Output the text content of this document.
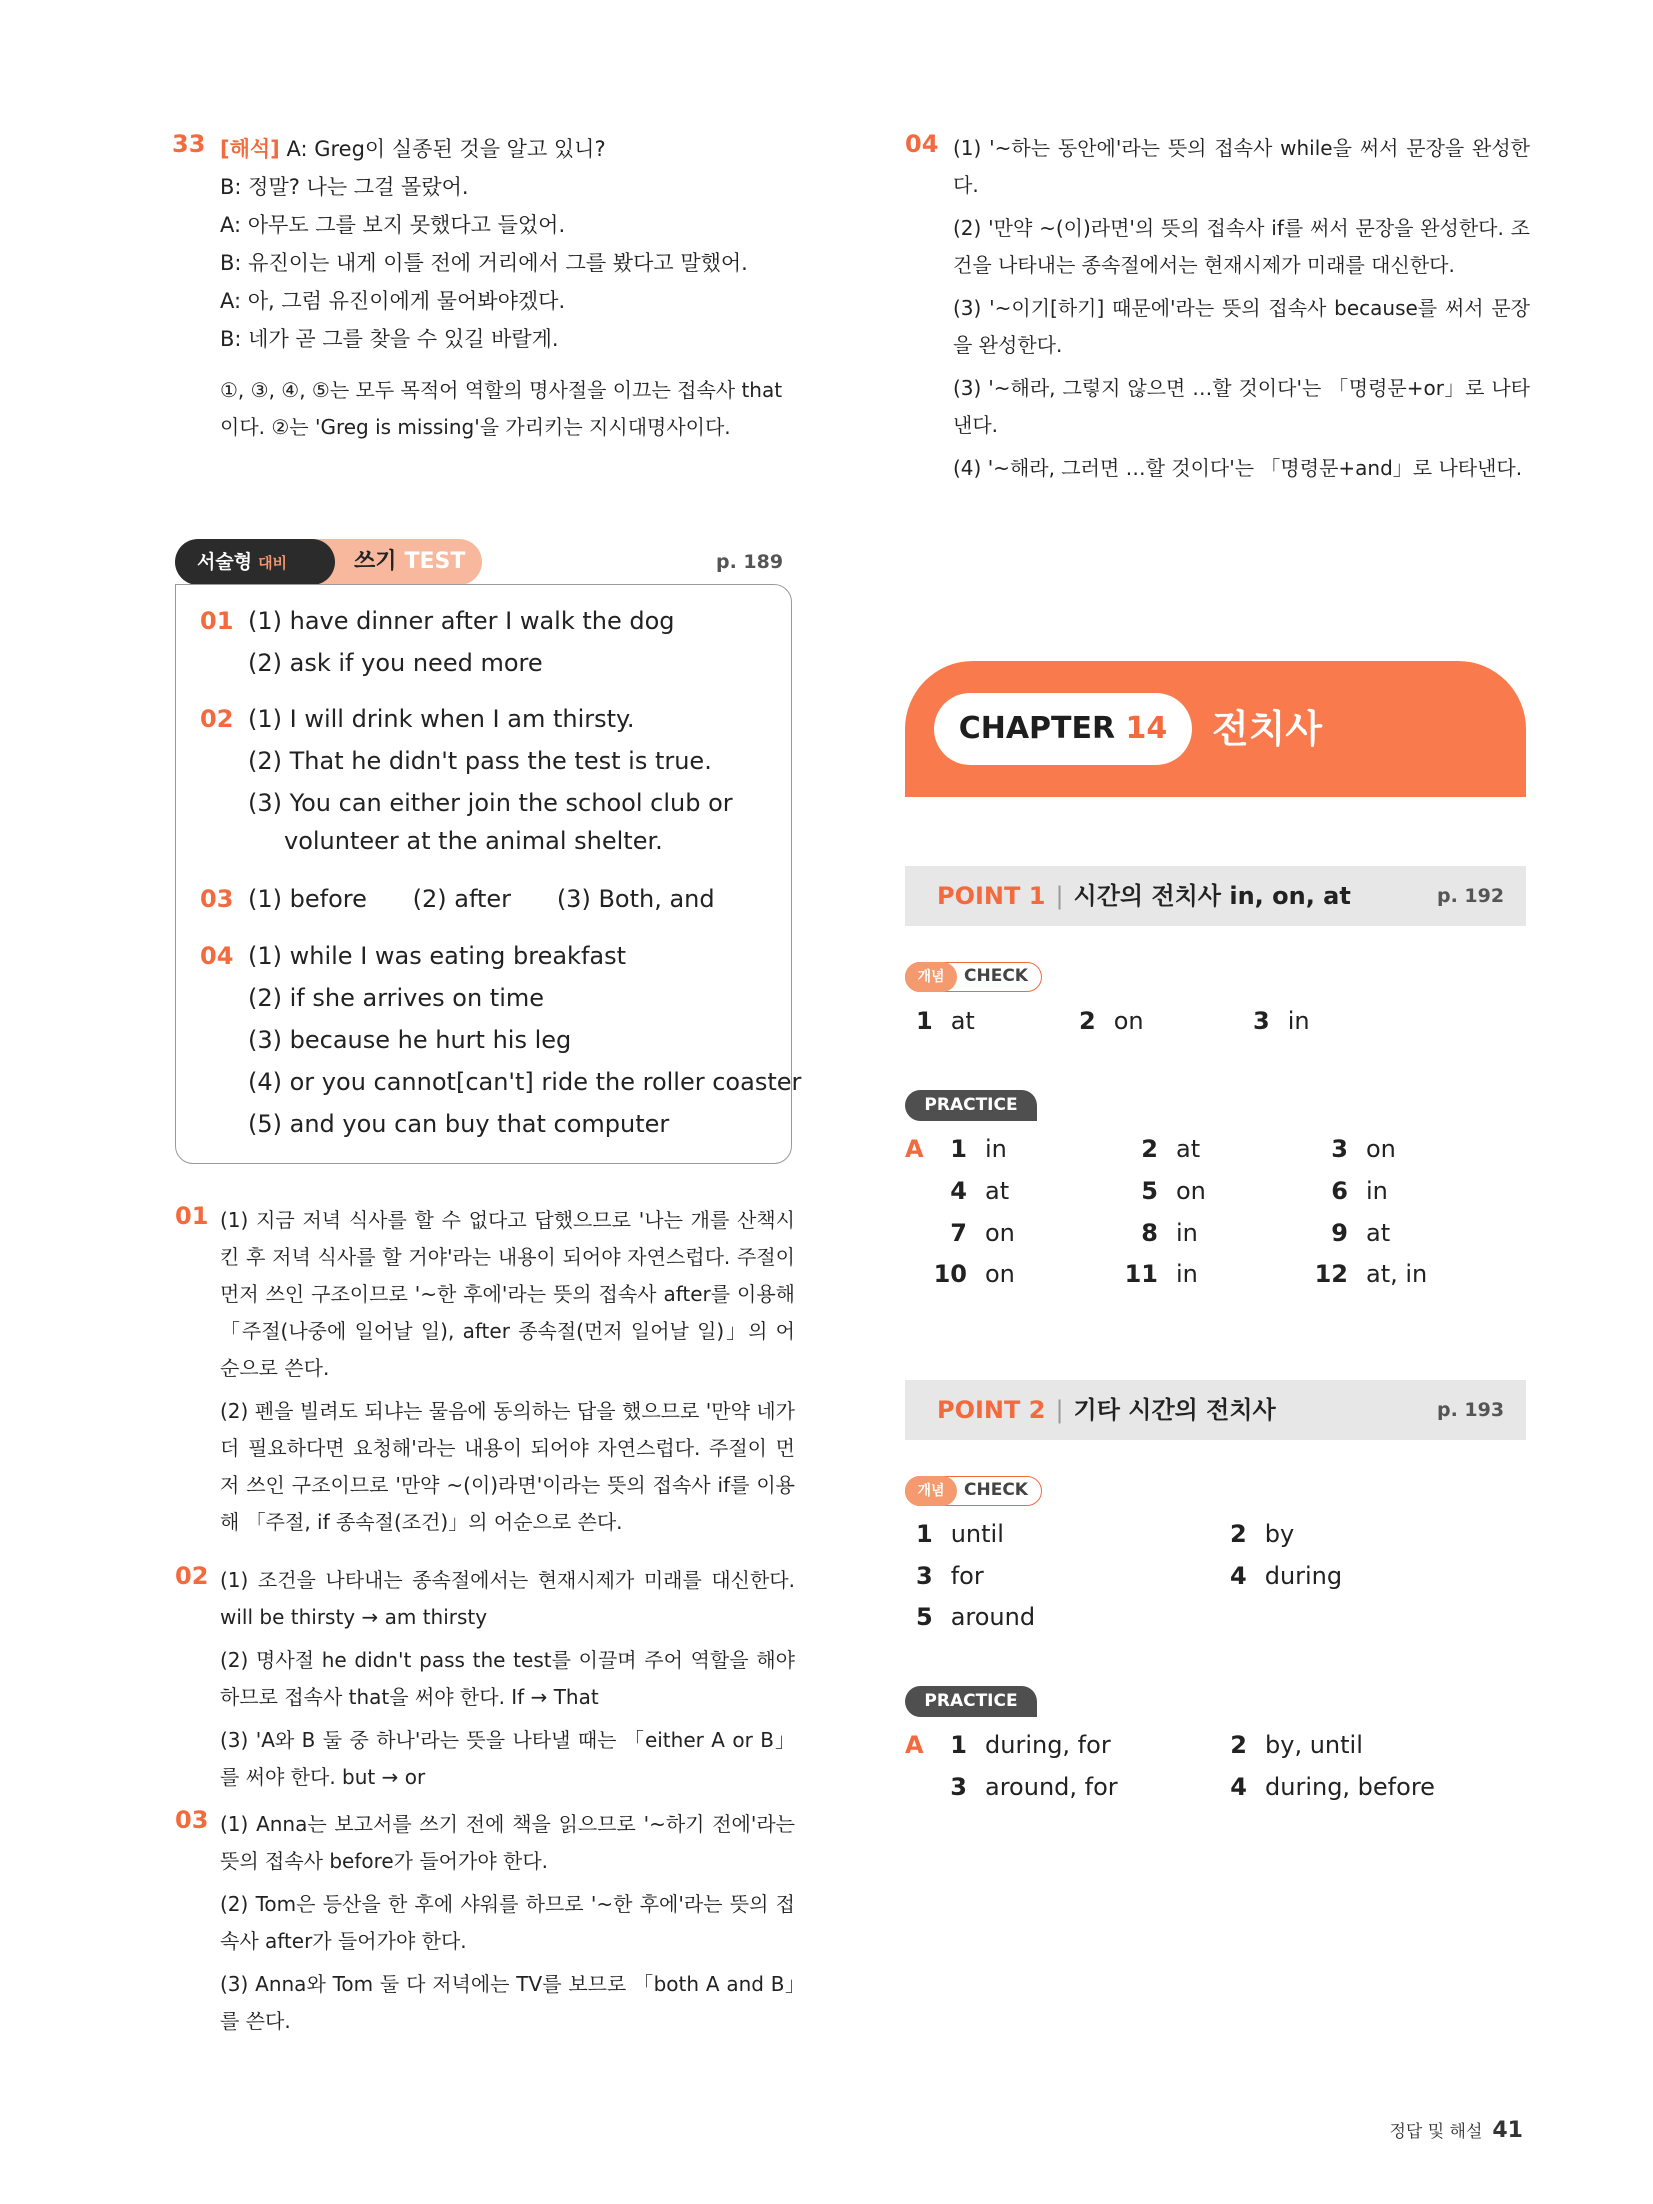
33 [해석] A: Greg이 실종된 것을 알고 있니?
B: 정말? 나는 그걸 몰랐어.
A: 아무도 그를 보지 못했다고 들었어.
B: 유진이는 내게 이틀 전에 거리에서 그를 봤다고 말했어.
A: 아, 그럼 유진이에게 물어봐야겠다.
B: 네가 곧 그를 찾을 수 있길 바랄게.
①, ③, ④, ⑤는 모두 목적어 역할의 명사절을 이끄는 접속사 that이다. ②는 'Greg is missing'을 가리키는 지시대명사이다.
04 (1) '~하는 동안에'라는 뜻의 접속사 while을 써서 문장을 완성한다.
(2) '만약 ~(이)라면'의 뜻의 접속사 if를 써서 문장을 완성한다. 조건을 나타내는 종속절에서는 현재시제가 미래를 대신한다.
(3) '~이기[하기] 때문에'라는 뜻의 접속사 because를 써서 문장을 완성한다.
(3) '~해라, 그렇지 않으면 …할 것이다'는 「명령문+or」로 나타낸다.
(4) '~해라, 그러면 …할 것이다'는 「명령문+and」로 나타낸다.
쓰기 TEST
서술형 대비	p. 189
01 (1) have dinner after I walk the dog
(2) ask if you need more
02 (1) I will drink when I am thirsty.
(2) That he didn't pass the test is true.
(3) You can either join the school club or
volunteer at the animal shelter.
03 (1) before      (2) after      (3) Both, and
04 (1) while I was eating breakfast
(2) if she arrives on time
(3) because he hurt his leg
(4) or you cannot[can't] ride the roller coaster
(5) and you can buy that computer
01 (1) 지금 저녁 식사를 할 수 없다고 답했으므로 '나는 개를 산책시킨 후 저녁 식사를 할 거야'라는 내용이 되어야 자연스럽다. 주절이 먼저 쓰인 구조이므로 '~한 후에'라는 뜻의 접속사 after를 이용해 「주절(나중에 일어날 일), after 종속절(먼저 일어날 일)」의 어순으로 쓴다.
(2) 펜을 빌려도 되냐는 물음에 동의하는 답을 했으므로 '만약 네가 더 필요하다면 요청해'라는 내용이 되어야 자연스럽다. 주절이 먼저 쓰인 구조이므로 '만약 ~(이)라면'이라는 뜻의 접속사 if를 이용해 「주절, if 종속절(조건)」의 어순으로 쓴다.
02 (1) 조건을 나타내는 종속절에서는 현재시제가 미래를 대신한다. will be thirsty → am thirsty
(2) 명사절 he didn't pass the test를 이끌며 주어 역할을 해야 하므로 접속사 that을 써야 한다. If → That
(3) 'A와 B 둘 중 하나'라는 뜻을 나타낼 때는 「either A or B」를 써야 한다. but → or
03 (1) Anna는 보고서를 쓰기 전에 책을 읽으므로 '~하기 전에'라는 뜻의 접속사 before가 들어가야 한다.
(2) Tom은 등산을 한 후에 샤워를 하므로 '~한 후에'라는 뜻의 접속사 after가 들어가야 한다.
(3) Anna와 Tom 둘 다 저녁에는 TV를 보므로 「both A and B」를 쓴다.
CHAPTER 14	전치사
POINT 1 | 시간의 전치사 in, on, at	p. 192
개념	CHECK
1 at	2 on	3 in
PRACTICE
A 1 in	2 at	3 on
4 at	5 on	6 in
7 on	8 in	9 at
10 on	11 in	12 at, in
POINT 2 | 기타 시간의 전치사	p. 193
개념	CHECK
1 until	2 by
3 for	4 during
5 around
PRACTICE
A 1 during, for	2 by, until
3 around, for	4 during, before
정답 및 해설 41
